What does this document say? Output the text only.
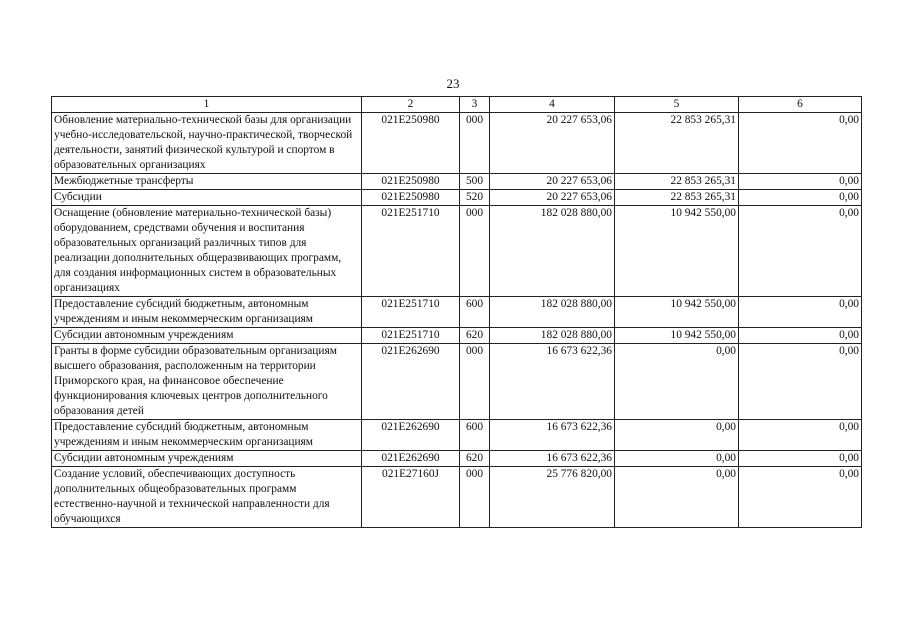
23
1	2	3	4	5	6
Обновление материально-технической базы для организации учебно-исследовательской, научно-практической, творческой деятельности, занятий физической культурой и спортом в образовательных организациях	021E250980	000	20 227 653,06	22 853 265,31	0,00
Межбюджетные трансферты	021E250980	500	20 227 653,06	22 853 265,31	0,00
Субсидии	021E250980	520	20 227 653,06	22 853 265,31	0,00
Оснащение (обновление материально-технической базы) оборудованием, средствами обучения и воспитания образовательных организаций различных типов для реализации дополнительных общеразвивающих программ, для создания информационных систем в образовательных организациях	021E251710	000	182 028 880,00	10 942 550,00	0,00
Предоставление субсидий бюджетным, автономным учреждениям и иным некоммерческим организациям	021E251710	600	182 028 880,00	10 942 550,00	0,00
Субсидии автономным учреждениям	021E251710	620	182 028 880,00	10 942 550,00	0,00
Гранты в форме субсидии образовательным организациям высшего образования, расположенным на территории Приморского края, на финансовое обеспечение функционирования ключевых центров дополнительного образования детей	021E262690	000	16 673 622,36	0,00	0,00
Предоставление субсидий бюджетным, автономным учреждениям и иным некоммерческим организациям	021E262690	600	16 673 622,36	0,00	0,00
Субсидии автономным учреждениям	021E262690	620	16 673 622,36	0,00	0,00
Создание условий, обеспечивающих доступность дополнительных общеобразовательных программ естественно-научной и технической направленности для обучающихся	021E27160J	000	25 776 820,00	0,00	0,00
